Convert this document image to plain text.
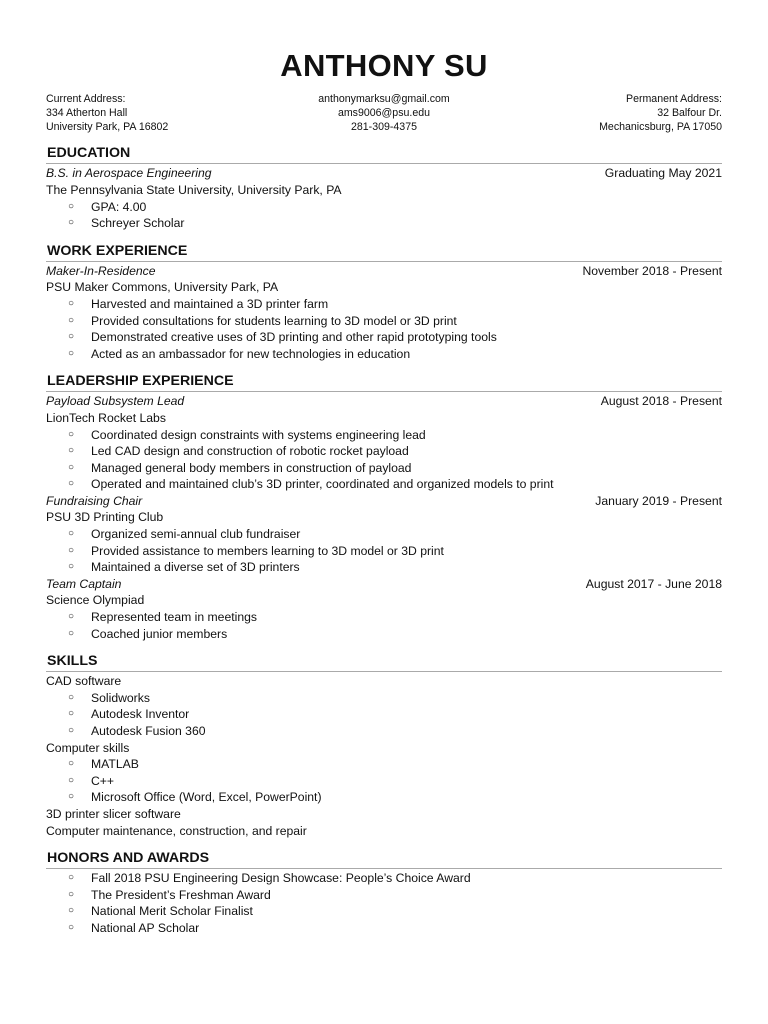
ANTHONY SU
Current Address:
334 Atherton Hall
University Park, PA 16802
anthonymarksu@gmail.com
ams9006@psu.edu
281-309-4375
Permanent Address:
32 Balfour Dr.
Mechanicsburg, PA 17050
EDUCATION
B.S. in Aerospace Engineering	Graduating May 2021
The Pennsylvania State University, University Park, PA
○ GPA: 4.00
○ Schreyer Scholar
WORK EXPERIENCE
Maker-In-Residence	November 2018 - Present
PSU Maker Commons, University Park, PA
○ Harvested and maintained a 3D printer farm
○ Provided consultations for students learning to 3D model or 3D print
○ Demonstrated creative uses of 3D printing and other rapid prototyping tools
○ Acted as an ambassador for new technologies in education
LEADERSHIP EXPERIENCE
Payload Subsystem Lead	August 2018 - Present
LionTech Rocket Labs
○ Coordinated design constraints with systems engineering lead
○ Led CAD design and construction of robotic rocket payload
○ Managed general body members in construction of payload
○ Operated and maintained club’s 3D printer, coordinated and organized models to print
Fundraising Chair	January 2019 - Present
PSU 3D Printing Club
○ Organized semi-annual club fundraiser
○ Provided assistance to members learning to 3D model or 3D print
○ Maintained a diverse set of 3D printers
Team Captain	August 2017 - June 2018
Science Olympiad
○ Represented team in meetings
○ Coached junior members
SKILLS
CAD software
○ Solidworks
○ Autodesk Inventor
○ Autodesk Fusion 360
Computer skills
○ MATLAB
○ C++
○ Microsoft Office (Word, Excel, PowerPoint)
3D printer slicer software
Computer maintenance, construction, and repair
HONORS AND AWARDS
○ Fall 2018 PSU Engineering Design Showcase: People’s Choice Award
○ The President’s Freshman Award
○ National Merit Scholar Finalist
○ National AP Scholar
